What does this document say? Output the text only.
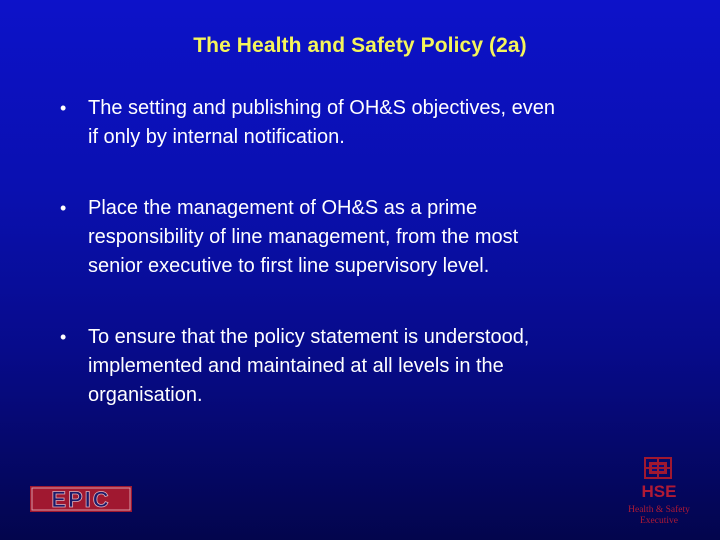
The Health and Safety Policy (2a)
• The setting and publishing of OH&S objectives, even
if only by internal notification.
• Place the management of OH&S as a prime
responsibility of line management, from the most
senior executive to first line supervisory level.
• To ensure that the policy statement is understood,
implemented and maintained at all levels in the
organisation.
EPIC	HSE
Health & Safety
Executive
